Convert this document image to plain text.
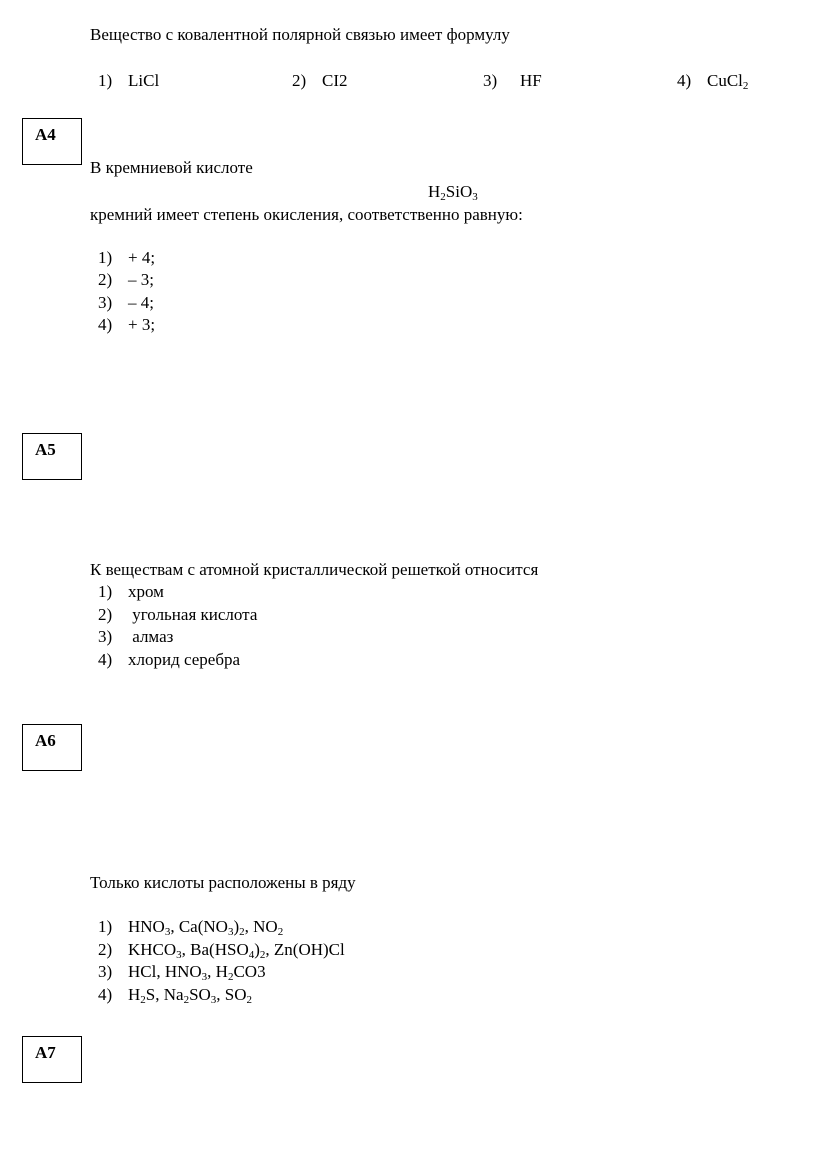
Вещество с ковалентной полярной связью имеет формулу
1) LiCl	2) CI2	3) HF	4) CuCl$_2$
А4
В кремниевой кислоте
$H_2SiO_3$
кремний имеет степень окисления, соответственно равную:
1) + 4;
2) – 3;
3) – 4;
4) + 3;
А5
К веществам с атомной кристаллической решеткой относится
1) хром
2) угольная кислота
3) алмаз
4) хлорид серебра
А6
Только кислоты расположены в ряду
1) $HNO_3$, $Ca(NO_3)_2$, $NO_2$
2) $KHCO_3$, $Ba(HSO_4)_2$, Zn(OH)Cl
3) HCl, $HNO_3$, $H_2CO3$
4) $H_2S$, $Na_2SO_3$, $SO_2$
А7
